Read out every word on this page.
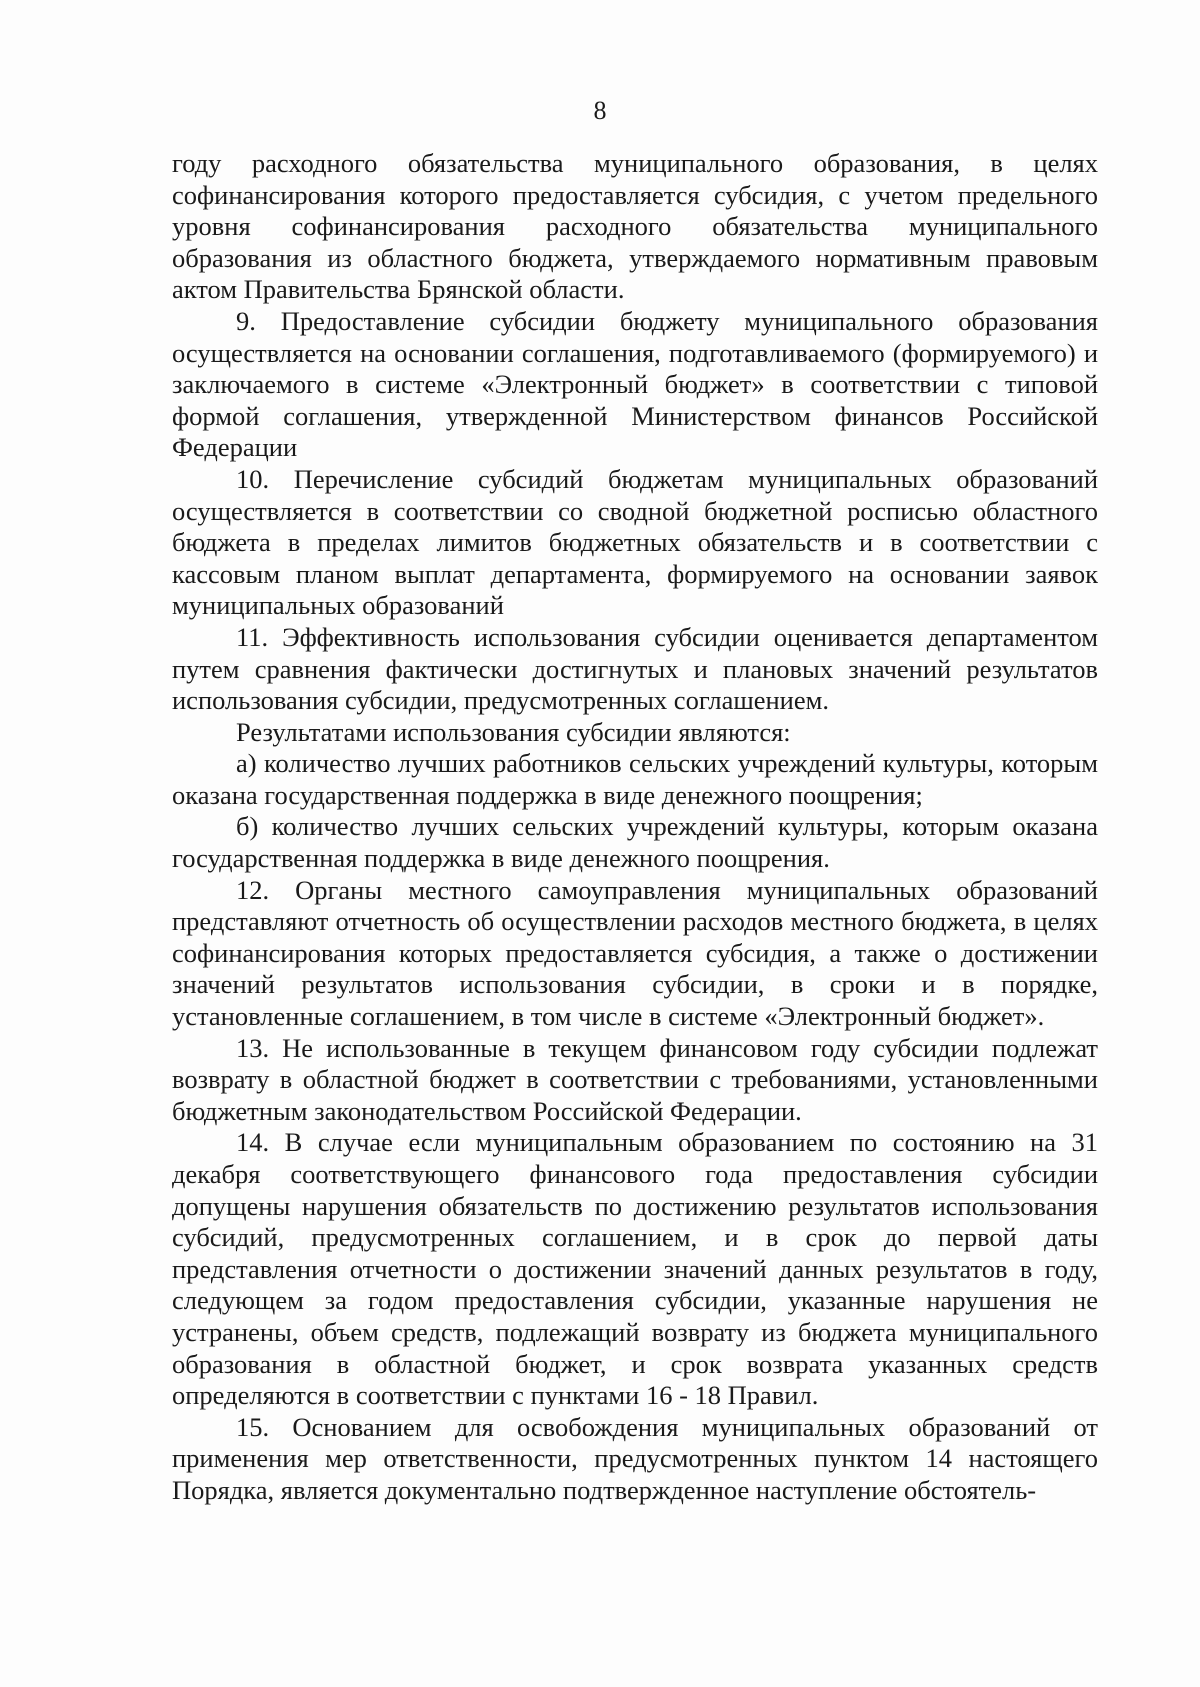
8

году расходного обязательства муниципального образования, в целях софинансирования которого предоставляется субсидия, с учетом предельного уровня софинансирования расходного обязательства муниципального образования из областного бюджета, утверждаемого нормативным правовым актом Правительства Брянской области.

9. Предоставление субсидии бюджету муниципального образования осуществляется на основании соглашения, подготавливаемого (формируемого) и заключаемого в системе «Электронный бюджет» в соответствии с типовой формой соглашения, утвержденной Министерством финансов Российской Федерации

10. Перечисление субсидий бюджетам муниципальных образований осуществляется в соответствии со сводной бюджетной росписью областного бюджета в пределах лимитов бюджетных обязательств и в соответствии с кассовым планом выплат департамента, формируемого на основании заявок муниципальных образований

11. Эффективность использования субсидии оценивается департаментом путем сравнения фактически достигнутых и плановых значений результатов использования субсидии, предусмотренных соглашением.

Результатами использования субсидии являются:

а) количество лучших работников сельских учреждений культуры, которым оказана государственная поддержка в виде денежного поощрения;

б) количество лучших сельских учреждений культуры, которым оказана государственная поддержка в виде денежного поощрения.

12. Органы местного самоуправления муниципальных образований представляют отчетность об осуществлении расходов местного бюджета, в целях софинансирования которых предоставляется субсидия, а также о достижении значений результатов использования субсидии, в сроки и в порядке, установленные соглашением, в том числе в системе «Электронный бюджет».

13. Не использованные в текущем финансовом году субсидии подлежат возврату в областной бюджет в соответствии с требованиями, установленными бюджетным законодательством Российской Федерации.

14. В случае если муниципальным образованием по состоянию на 31 декабря соответствующего финансового года предоставления субсидии допущены нарушения обязательств по достижению результатов использования субсидий, предусмотренных соглашением, и в срок до первой даты представления отчетности о достижении значений данных результатов в году, следующем за годом предоставления субсидии, указанные нарушения не устранены, объем средств, подлежащий возврату из бюджета муниципального образования в областной бюджет, и срок возврата указанных средств определяются в соответствии с пунктами 16 - 18 Правил.

15. Основанием для освобождения муниципальных образований от применения мер ответственности, предусмотренных пунктом 14 настоящего Порядка, является документально подтвержденное наступление обстоятель-
